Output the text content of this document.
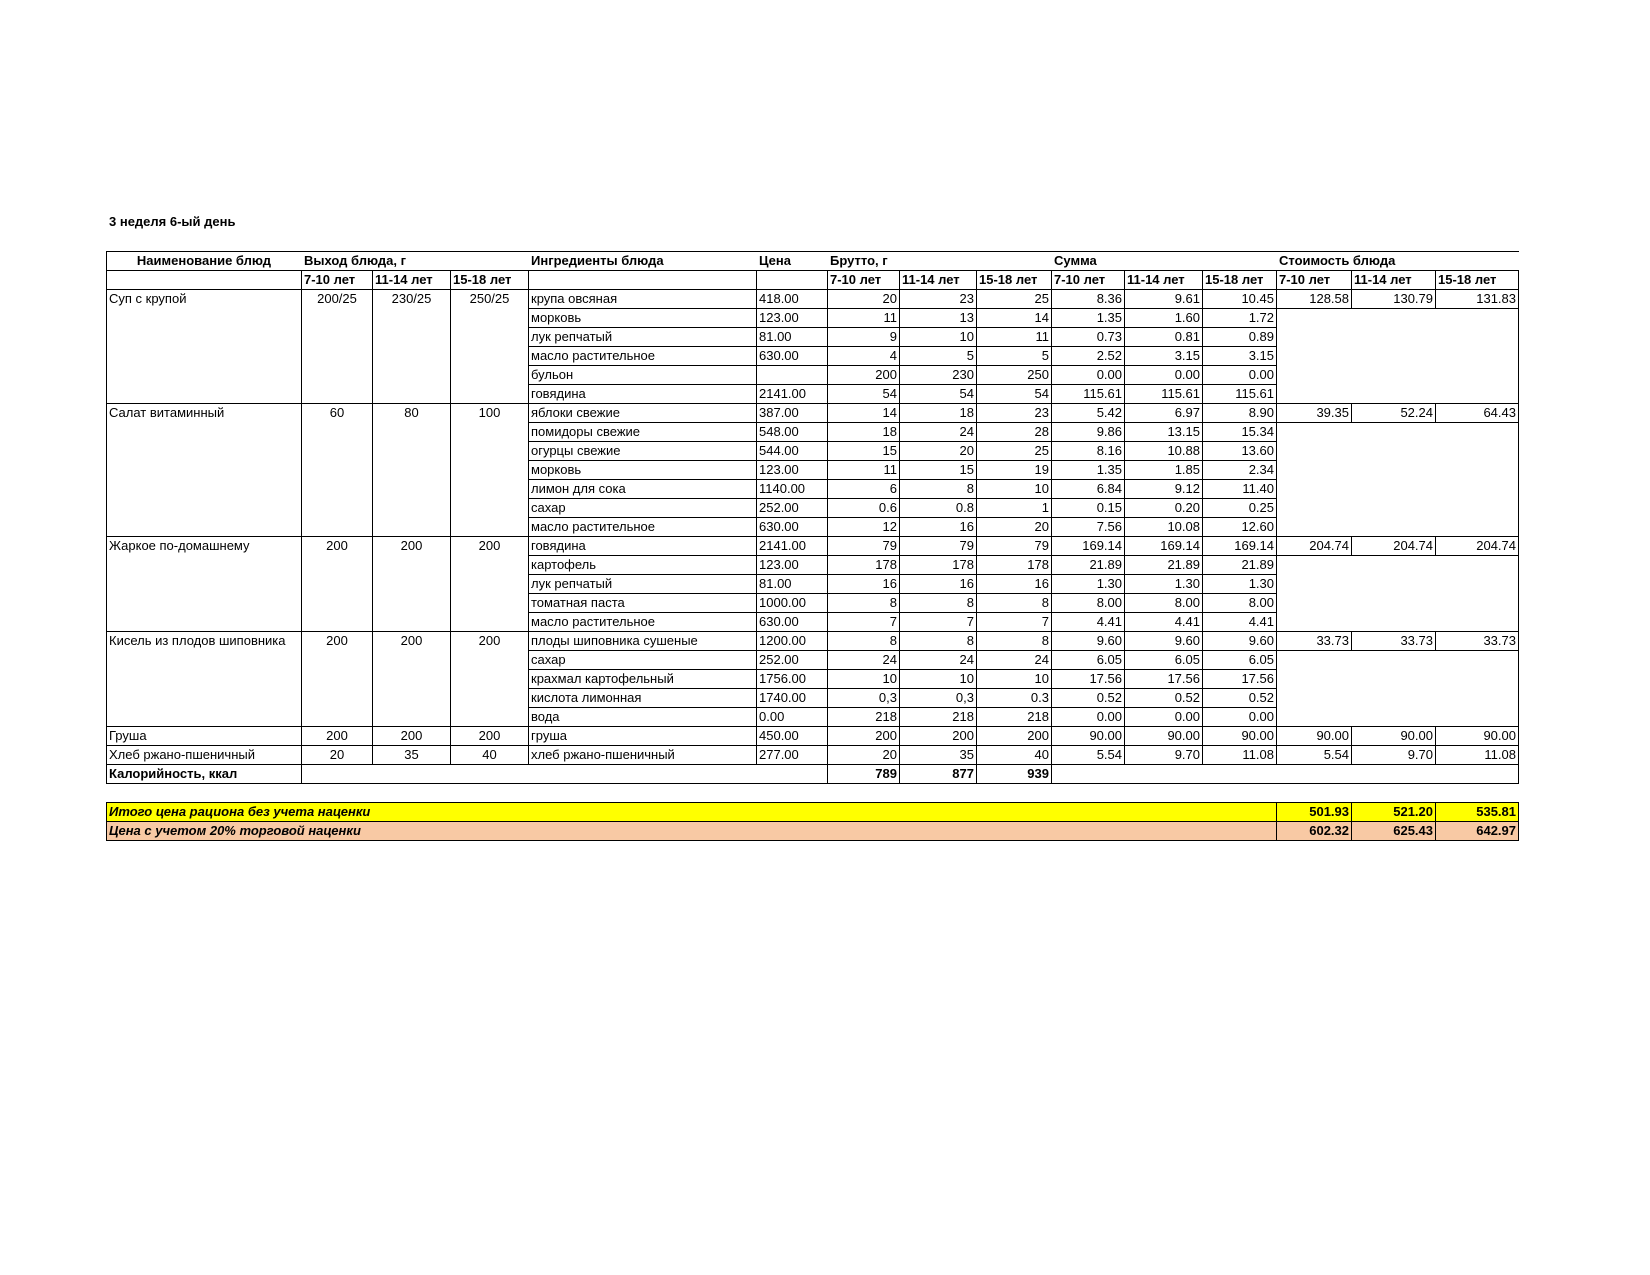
3 неделя 6-ый день
Наименование блюд	Выход блюда, г			Ингредиенты блюда	Цена	Брутто, г			Сумма			Стоимость блюда		
	7-10 лет	11-14 лет	15-18 лет			7-10 лет	11-14 лет	15-18 лет	7-10 лет	11-14 лет	15-18 лет	7-10 лет	11-14 лет	15-18 лет
Суп с крупой	200/25	230/25	250/25	крупа овсяная	418.00	20	23	25	8.36	9.61	10.45	128.58	130.79	131.83
				морковь	123.00	11	13	14	1.35	1.60	1.72			
				лук репчатый	81.00	9	10	11	0.73	0.81	0.89			
				масло растительное	630.00	4	5	5	2.52	3.15	3.15			
				бульон		200	230	250	0.00	0.00	0.00			
				говядина	2141.00	54	54	54	115.61	115.61	115.61			
Салат витаминный	60	80	100	яблоки свежие	387.00	14	18	23	5.42	6.97	8.90	39.35	52.24	64.43
				помидоры свежие	548.00	18	24	28	9.86	13.15	15.34			
				огурцы свежие	544.00	15	20	25	8.16	10.88	13.60			
				морковь	123.00	11	15	19	1.35	1.85	2.34			
				лимон для сока	1140.00	6	8	10	6.84	9.12	11.40			
				сахар	252.00	0.6	0.8	1	0.15	0.20	0.25			
				масло растительное	630.00	12	16	20	7.56	10.08	12.60			
Жаркое по-домашнему	200	200	200	говядина	2141.00	79	79	79	169.14	169.14	169.14	204.74	204.74	204.74
				картофель	123.00	178	178	178	21.89	21.89	21.89			
				лук репчатый	81.00	16	16	16	1.30	1.30	1.30			
				томатная паста	1000.00	8	8	8	8.00	8.00	8.00			
				масло растительное	630.00	7	7	7	4.41	4.41	4.41			
Кисель из плодов шиповника	200	200	200	плоды шиповника сушеные	1200.00	8	8	8	9.60	9.60	9.60	33.73	33.73	33.73
				сахар	252.00	24	24	24	6.05	6.05	6.05			
				крахмал картофельный	1756.00	10	10	10	17.56	17.56	17.56			
				кислота лимонная	1740.00	0,3	0,3	0.3	0.52	0.52	0.52			
				вода	0.00	218	218	218	0.00	0.00	0.00			
Груша	200	200	200	груша	450.00	200	200	200	90.00	90.00	90.00	90.00	90.00	90.00
Хлеб ржано-пшеничный	20	35	40	хлеб ржано-пшеничный	277.00	20	35	40	5.54	9.70	11.08	5.54	9.70	11.08
Калорийность, ккал						789	877	939						

Итого цена рациона без учета наценки												501.93	521.20	535.81
Цена с учетом 20% торговой наценки												602.32	625.43	642.97
